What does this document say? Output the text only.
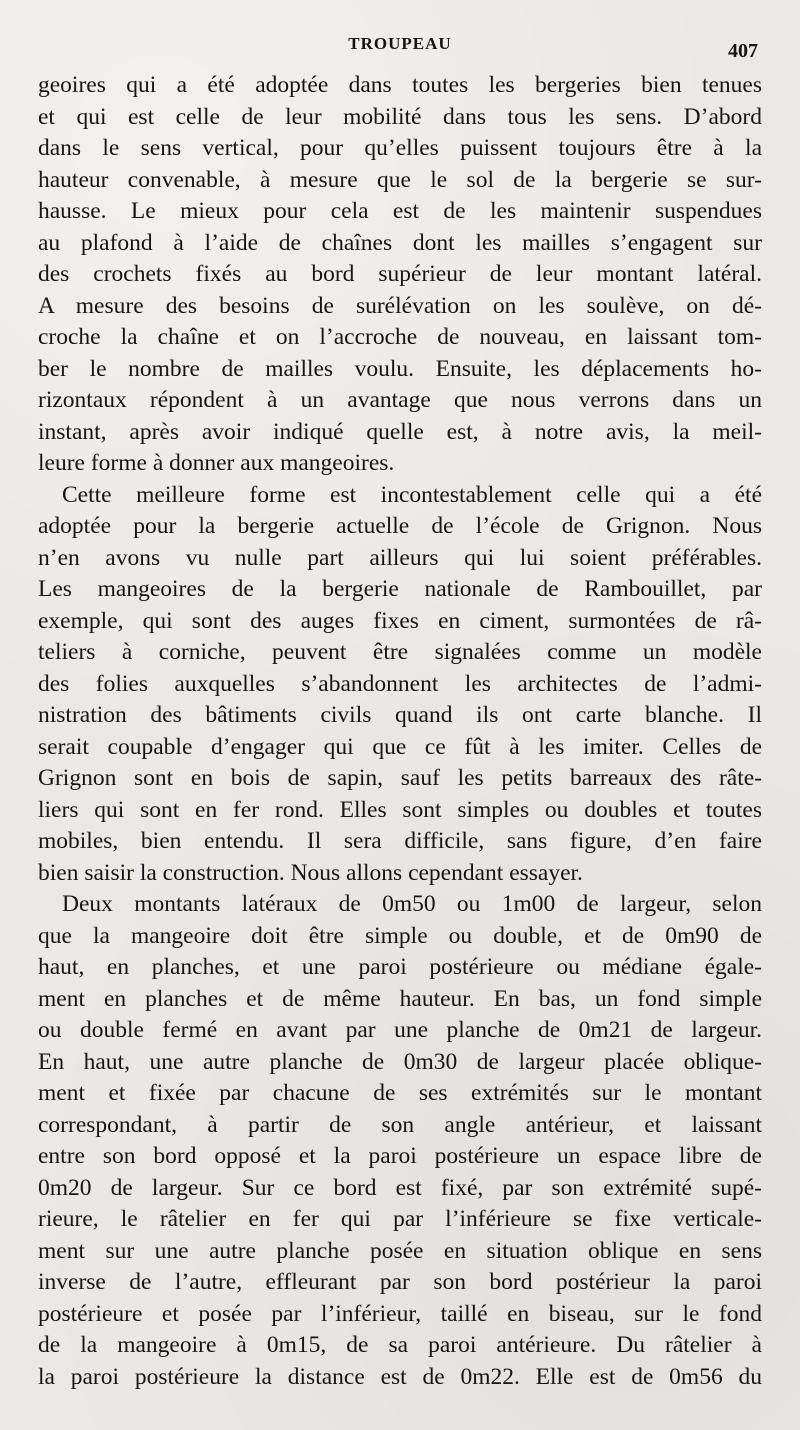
TROUPEAU	407
geoires qui a été adoptée dans toutes les bergeries bien tenues
et qui est celle de leur mobilité dans tous les sens. D’abord
dans le sens vertical, pour qu’elles puissent toujours être à la
hauteur convenable, à mesure que le sol de la bergerie se sur-
hausse. Le mieux pour cela est de les maintenir suspendues
au plafond à l’aide de chaînes dont les mailles s’engagent sur
des crochets fixés au bord supérieur de leur montant latéral.
A mesure des besoins de surélévation on les soulève, on dé-
croche la chaîne et on l’accroche de nouveau, en laissant tom-
ber le nombre de mailles voulu. Ensuite, les déplacements ho-
rizontaux répondent à un avantage que nous verrons dans un
instant, après avoir indiqué quelle est, à notre avis, la meil-
leure forme à donner aux mangeoires.
Cette meilleure forme est incontestablement celle qui a été
adoptée pour la bergerie actuelle de l’école de Grignon. Nous
n’en avons vu nulle part ailleurs qui lui soient préférables.
Les mangeoires de la bergerie nationale de Rambouillet, par
exemple, qui sont des auges fixes en ciment, surmontées de râ-
teliers à corniche, peuvent être signalées comme un modèle
des folies auxquelles s’abandonnent les architectes de l’admi-
nistration des bâtiments civils quand ils ont carte blanche. Il
serait coupable d’engager qui que ce fût à les imiter. Celles de
Grignon sont en bois de sapin, sauf les petits barreaux des râte-
liers qui sont en fer rond. Elles sont simples ou doubles et toutes
mobiles, bien entendu. Il sera difficile, sans figure, d’en faire
bien saisir la construction. Nous allons cependant essayer.
Deux montants latéraux de 0m50 ou 1m00 de largeur, selon
que la mangeoire doit être simple ou double, et de 0m90 de
haut, en planches, et une paroi postérieure ou médiane égale-
ment en planches et de même hauteur. En bas, un fond simple
ou double fermé en avant par une planche de 0m21 de largeur.
En haut, une autre planche de 0m30 de largeur placée oblique-
ment et fixée par chacune de ses extrémités sur le montant
correspondant, à partir de son angle antérieur, et laissant
entre son bord opposé et la paroi postérieure un espace libre de
0m20 de largeur. Sur ce bord est fixé, par son extrémité supé-
rieure, le râtelier en fer qui par l’inférieure se fixe verticale-
ment sur une autre planche posée en situation oblique en sens
inverse de l’autre, effleurant par son bord postérieur la paroi
postérieure et posée par l’inférieur, taillé en biseau, sur le fond
de la mangeoire à 0m15, de sa paroi antérieure. Du râtelier à
la paroi postérieure la distance est de 0m22. Elle est de 0m56 du
